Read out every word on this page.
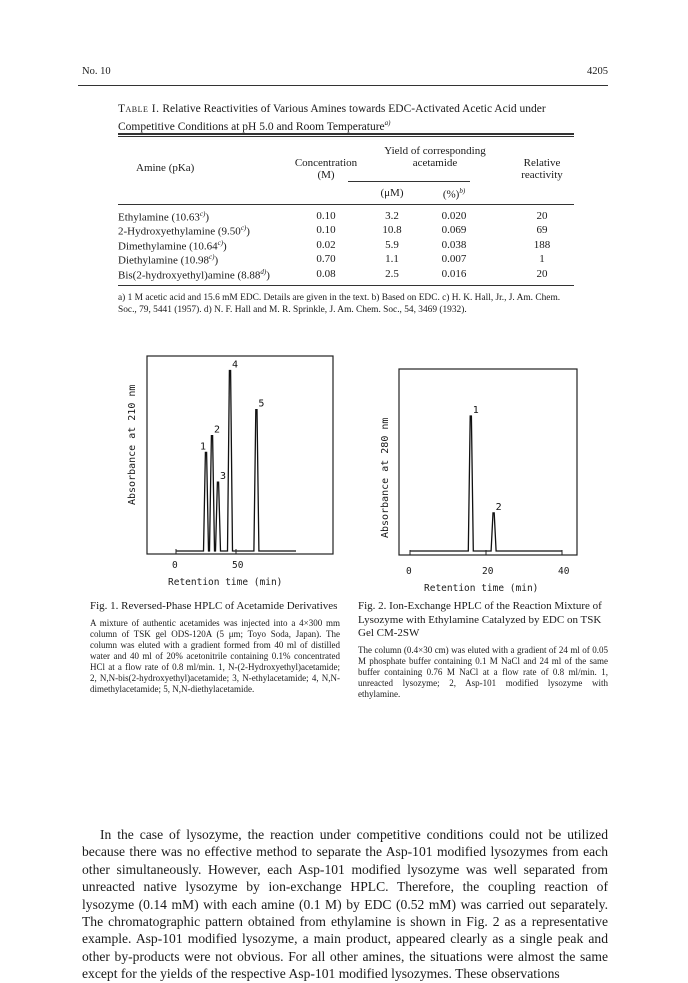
No. 10	4205
Table I. Relative Reactivities of Various Amines towards EDC-Activated Acetic Acid under Competitive Conditions at pH 5.0 and Room Temperature$^{a)}$
Amine (pKa)	Concentration
(M)
Yield of corresponding acetamide
(μM)	(%)$^{b)}$
Relative reactivity
Ethylamine (10.63$^{c)}$)	0.10	3.2	0.020	20
2-Hydroxyethylamine (9.50$^{c)}$)	0.10	10.8	0.069	69
Dimethylamine (10.64$^{c)}$)	0.02	5.9	0.038	188
Diethylamine (10.98$^{c)}$)	0.70	1.1	0.007	1
Bis(2-hydroxyethyl)amine (8.88$^{d)}$)	0.08	2.5	0.016	20
a) 1 M acetic acid and 15.6 mM EDC. Details are given in the text. b) Based on EDC. c) H. K. Hall, Jr., J. Am. Chem. Soc., 79, 5441 (1957). d) N. F. Hall and M. R. Sprinkle, J. Am. Chem. Soc., 54, 3469 (1932).
1
2
3
4
5
Absorbance at 210 nm
0	50
Retention time (min)
1
2
Absorbance at 280 nm
0	20	40
Retention time (min)
Fig. 1. Reversed-Phase HPLC of Acetamide Derivatives
A mixture of authentic acetamides was injected into a 4×300 mm column of TSK gel ODS-120A (5 μm; Toyo Soda, Japan). The column was eluted with a gradient formed from 40 ml of distilled water and 40 ml of 20% acetonitrile containing 0.1% concentrated HCl at a flow rate of 0.8 ml/min. 1, N-(2-Hydroxyethyl)acetamide; 2, N,N-bis(2-hydroxyethyl)acetamide; 3, N-ethylacetamide; 4, N,N-dimethylacetamide; 5, N,N-diethylacetamide.
Fig. 2. Ion-Exchange HPLC of the Reaction Mixture of Lysozyme with Ethylamine Catalyzed by EDC on TSK Gel CM-2SW
The column (0.4×30 cm) was eluted with a gradient of 24 ml of 0.05 M phosphate buffer containing 0.1 M NaCl and 24 ml of the same buffer containing 0.76 M NaCl at a flow rate of 0.8 ml/min. 1, unreacted lysozyme; 2, Asp-101 modified lysozyme with ethylamine.

In the case of lysozyme, the reaction under competitive conditions could not be utilized because there was no effective method to separate the Asp-101 modified lysozymes from each other simultaneously. However, each Asp-101 modified lysozyme was well separated from unreacted native lysozyme by ion-exchange HPLC. Therefore, the coupling reaction of lysozyme (0.14 mM) with each amine (0.1 M) by EDC (0.52 mM) was carried out separately. The chromatographic pattern obtained from ethylamine is shown in Fig. 2 as a representative example. Asp-101 modified lysozyme, a main product, appeared clearly as a single peak and other by-products were not obvious. For all other amines, the situations were almost the same except for the yields of the respective Asp-101 modified lysozymes. These observations
